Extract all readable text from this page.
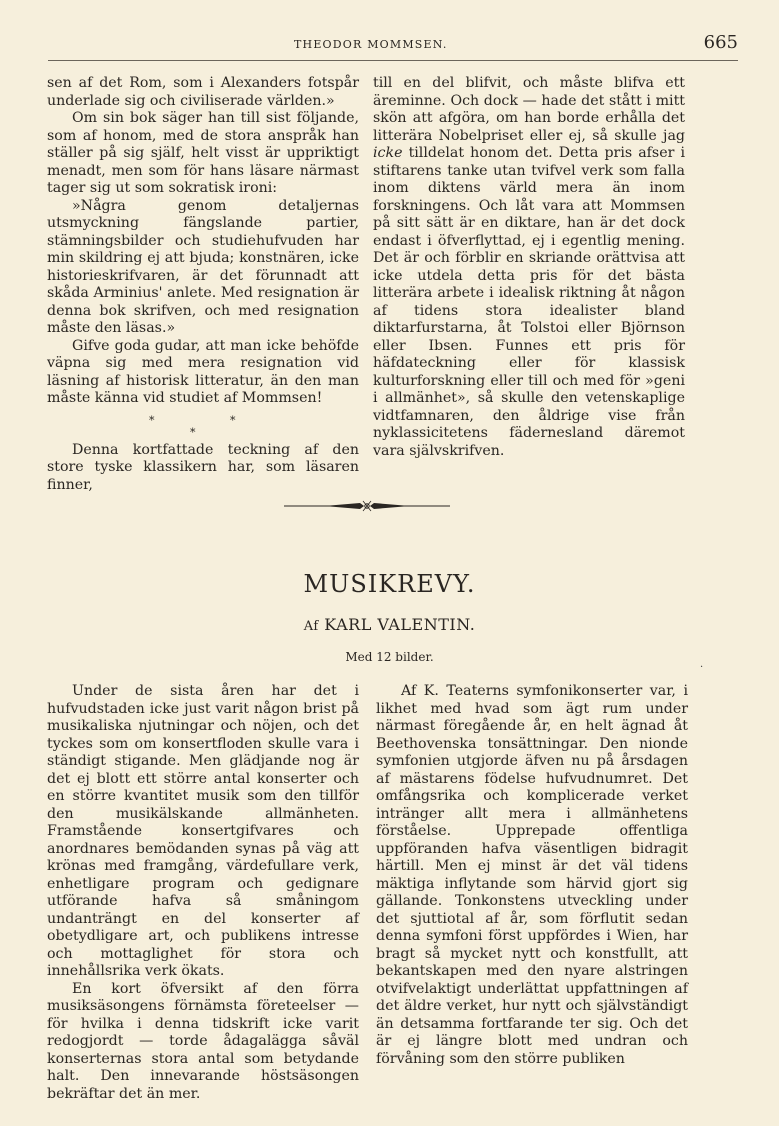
THEODOR MOMMSEN.	665

sen af det Rom, som i Alexanders fotspår underlade sig och civiliserade världen.»

Om sin bok säger han till sist följande, som af honom, med de stora anspråk han ställer på sig själf, helt visst är uppriktigt menadt, men som för hans läsare närmast tager sig ut som sokratisk ironi:

»Några genom detaljernas utsmyckning fängslande partier, stämningsbilder och studiehufvuden har min skildring ej att bjuda; konstnären, icke historieskrifvaren, är det förunnadt att skåda Arminius' anlete. Med resignation är denna bok skrifven, och med resignation måste den läsas.»

Gifve goda gudar, att man icke behöfde väpna sig med mera resignation vid läsning af historisk litteratur, än den man måste känna vid studiet af Mommsen!

*	*
*

Denna kortfattade teckning af den store tyske klassikern har, som läsaren finner,

till en del blifvit, och måste blifva ett äreminne. Och dock — hade det stått i mitt skön att afgöra, om han borde erhålla det litterära Nobelpriset eller ej, så skulle jag icke tilldelat honom det. Detta pris afser i stiftarens tanke utan tvifvel verk som falla inom diktens värld mera än inom forskningens. Och låt vara att Mommsen på sitt sätt är en diktare, han är det dock endast i öfverflyttad, ej i egentlig mening. Det är och förblir en skriande orättvisa att icke utdela detta pris för det bästa litterära arbete i idealisk riktning åt någon af tidens stora idealister bland diktarfurstarna, åt Tolstoi eller Björnson eller Ibsen. Funnes ett pris för häfdateckning eller för klassisk kulturforskning eller till och med för »geni i allmänhet», så skulle den vetenskaplige vidtfamnaren, den åldrige vise från nyklassicitetens fädernesland däremot vara självskrifven.

MUSIKREVY.
Af KARL VALENTIN.
Med 12 bilder.
·

Under de sista åren har det i hufvudstaden icke just varit någon brist på musikaliska njutningar och nöjen, och det tyckes som om konsertfloden skulle vara i ständigt stigande. Men glädjande nog är det ej blott ett större antal konserter och en större kvantitet musik som den tillför den musikälskande allmänheten. Framstående konsertgifvares och anordnares bemödanden synas på väg att krönas med framgång, värdefullare verk, enhetligare program och gedignare utförande hafva så småningom undanträngt en del konserter af obetydligare art, och publikens intresse och mottaglighet för stora och innehållsrika verk ökats.

En kort öfversikt af den förra musiksäsongens förnämsta företeelser — för hvilka i denna tidskrift icke varit redogjordt — torde ådagalägga såväl konserternas stora antal som betydande halt. Den innevarande höstsäsongen bekräftar det än mer.

Af K. Teaterns symfonikonserter var, i likhet med hvad som ägt rum under närmast föregående år, en helt ägnad åt Beethovenska tonsättningar. Den nionde symfonien utgjorde äfven nu på årsdagen af mästarens födelse hufvudnumret. Det omfångsrika och komplicerade verket intränger allt mera i allmänhetens förståelse. Upprepade offentliga uppföranden hafva väsentligen bidragit härtill. Men ej minst är det väl tidens mäktiga inflytande som härvid gjort sig gällande. Tonkonstens utveckling under det sjuttiotal af år, som förflutit sedan denna symfoni först uppfördes i Wien, har bragt så mycket nytt och konstfullt, att bekantskapen med den nyare alstringen otvifvelaktigt underlättat uppfattningen af det äldre verket, hur nytt och självständigt än detsamma fortfarande ter sig. Och det är ej längre blott med undran och förvåning som den större publiken
